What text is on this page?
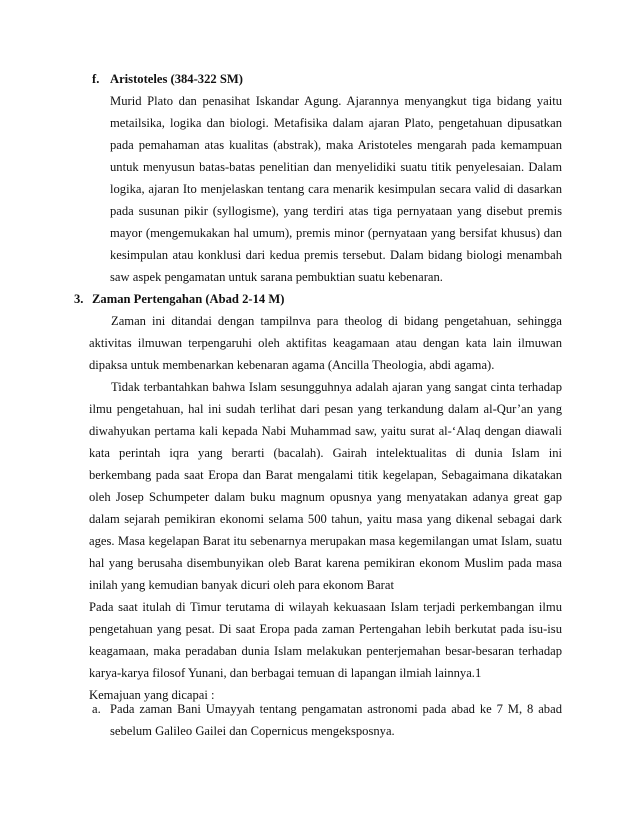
f. Aristoteles (384-322 SM)

Murid Plato dan penasihat Iskandar Agung. Ajarannya menyangkut tiga bidang yaitu metailsika, logika dan biologi. Metafisika dalam ajaran Plato, pengetahuan dipusatkan pada pemahaman atas kualitas (abstrak), maka Aristoteles mengarah pada kemampuan untuk menyusun batas-batas penelitian dan menyelidiki suatu titik penyelesaian. Dalam logika, ajaran Ito menjelaskan tentang cara menarik kesimpulan secara valid di dasarkan pada susunan pikir (syllogisme), yang terdiri atas tiga pernyataan yang disebut premis mayor (mengemukakan hal umum), premis minor (pernyataan yang bersifat khusus) dan kesimpulan atau konklusi dari kedua premis tersebut. Dalam bidang biologi menambah saw aspek pengamatan untuk sarana pembuktian suatu kebenaran.

3. Zaman Pertengahan (Abad 2-14 M)

Zaman ini ditandai dengan tampilnva para theolog di bidang pengetahuan, sehingga aktivitas ilmuwan terpengaruhi oleh aktifitas keagamaan atau dengan kata lain ilmuwan dipaksa untuk membenarkan kebenaran agama (Ancilla Theologia, abdi agama).

Tidak terbantahkan bahwa Islam sesungguhnya adalah ajaran yang sangat cinta terhadap ilmu pengetahuan, hal ini sudah terlihat dari pesan yang terkandung dalam al-Qur’an yang diwahyukan pertama kali kepada Nabi Muhammad saw, yaitu surat al-‘Alaq dengan diawali kata perintah iqra yang berarti (bacalah). Gairah intelektualitas di dunia Islam ini berkembang pada saat Eropa dan Barat mengalami titik kegelapan, Sebagaimana dikatakan oleh Josep Schumpeter dalam buku magnum opusnya yang menyatakan adanya great gap dalam sejarah pemikiran ekonomi selama 500 tahun, yaitu masa yang dikenal sebagai dark ages. Masa kegelapan Barat itu sebenarnya merupakan masa kegemilangan umat Islam, suatu hal yang berusaha disembunyikan oleb Barat karena pemikiran ekonom Muslim pada masa inilah yang kemudian banyak dicuri oleh para ekonom Barat

Pada saat itulah di Timur terutama di wilayah kekuasaan Islam terjadi perkembangan ilmu pengetahuan yang pesat. Di saat Eropa pada zaman Pertengahan lebih berkutat pada isu-isu keagamaan, maka peradaban dunia Islam melakukan penterjemahan besar-besaran terhadap karya-karya filosof Yunani, dan berbagai temuan di lapangan ilmiah lainnya.1

Kemajuan yang dicapai :

a. Pada zaman Bani Umayyah tentang pengamatan astronomi pada abad ke 7 M, 8 abad sebelum Galileo Gailei dan Copernicus mengeksposnya.
